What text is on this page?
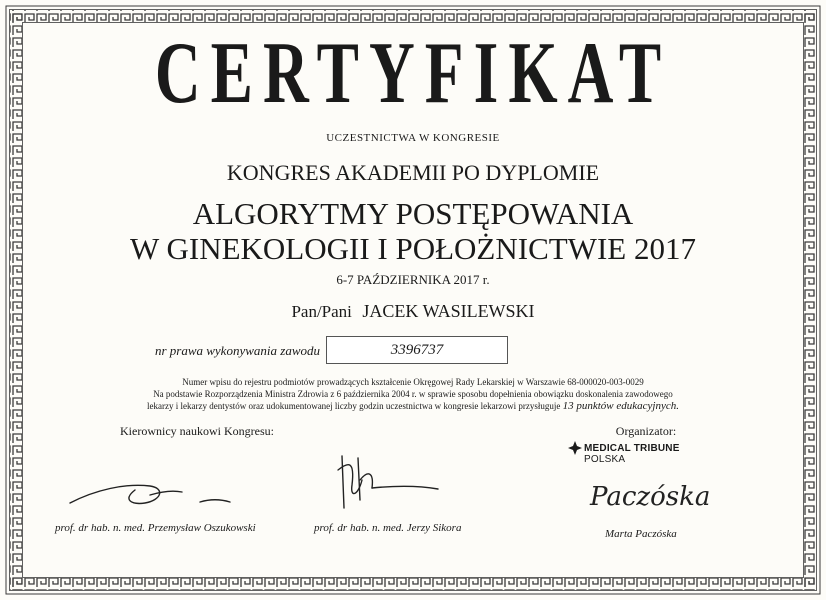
CERTYFIKAT
UCZESTNICTWA W KONGRESIE
KONGRES AKADEMII PO DYPLOMIE
ALGORYTMY POSTĘPOWANIA
W GINEKOLOGII I POŁOŻNICTWIE 2017
6-7 PAŹDZIERNIKA 2017 r.
Pan/Pani JACEK WASILEWSKI
nr prawa wykonywania zawodu	3396737
Numer wpisu do rejestru podmiotów prowadzących kształcenie Okręgowej Rady Lekarskiej w Warszawie 68-000020-003-0029
Na podstawie Rozporządzenia Ministra Zdrowia z 6 października 2004 r. w sprawie sposobu dopełnienia obowiązku doskonalenia zawodowego
lekarzy i lekarzy dentystów oraz udokumentowanej liczby godzin uczestnictwa w kongresie lekarzowi przysługuje 13 punktów edukacyjnych.
Kierownicy naukowi Kongresu:	Organizator:
MEDICAL TRIBUNE POLSKA
Paczóska
prof. dr hab. n. med. Przemysław Oszukowski	prof. dr hab. n. med. Jerzy Sikora	Marta Paczóska
